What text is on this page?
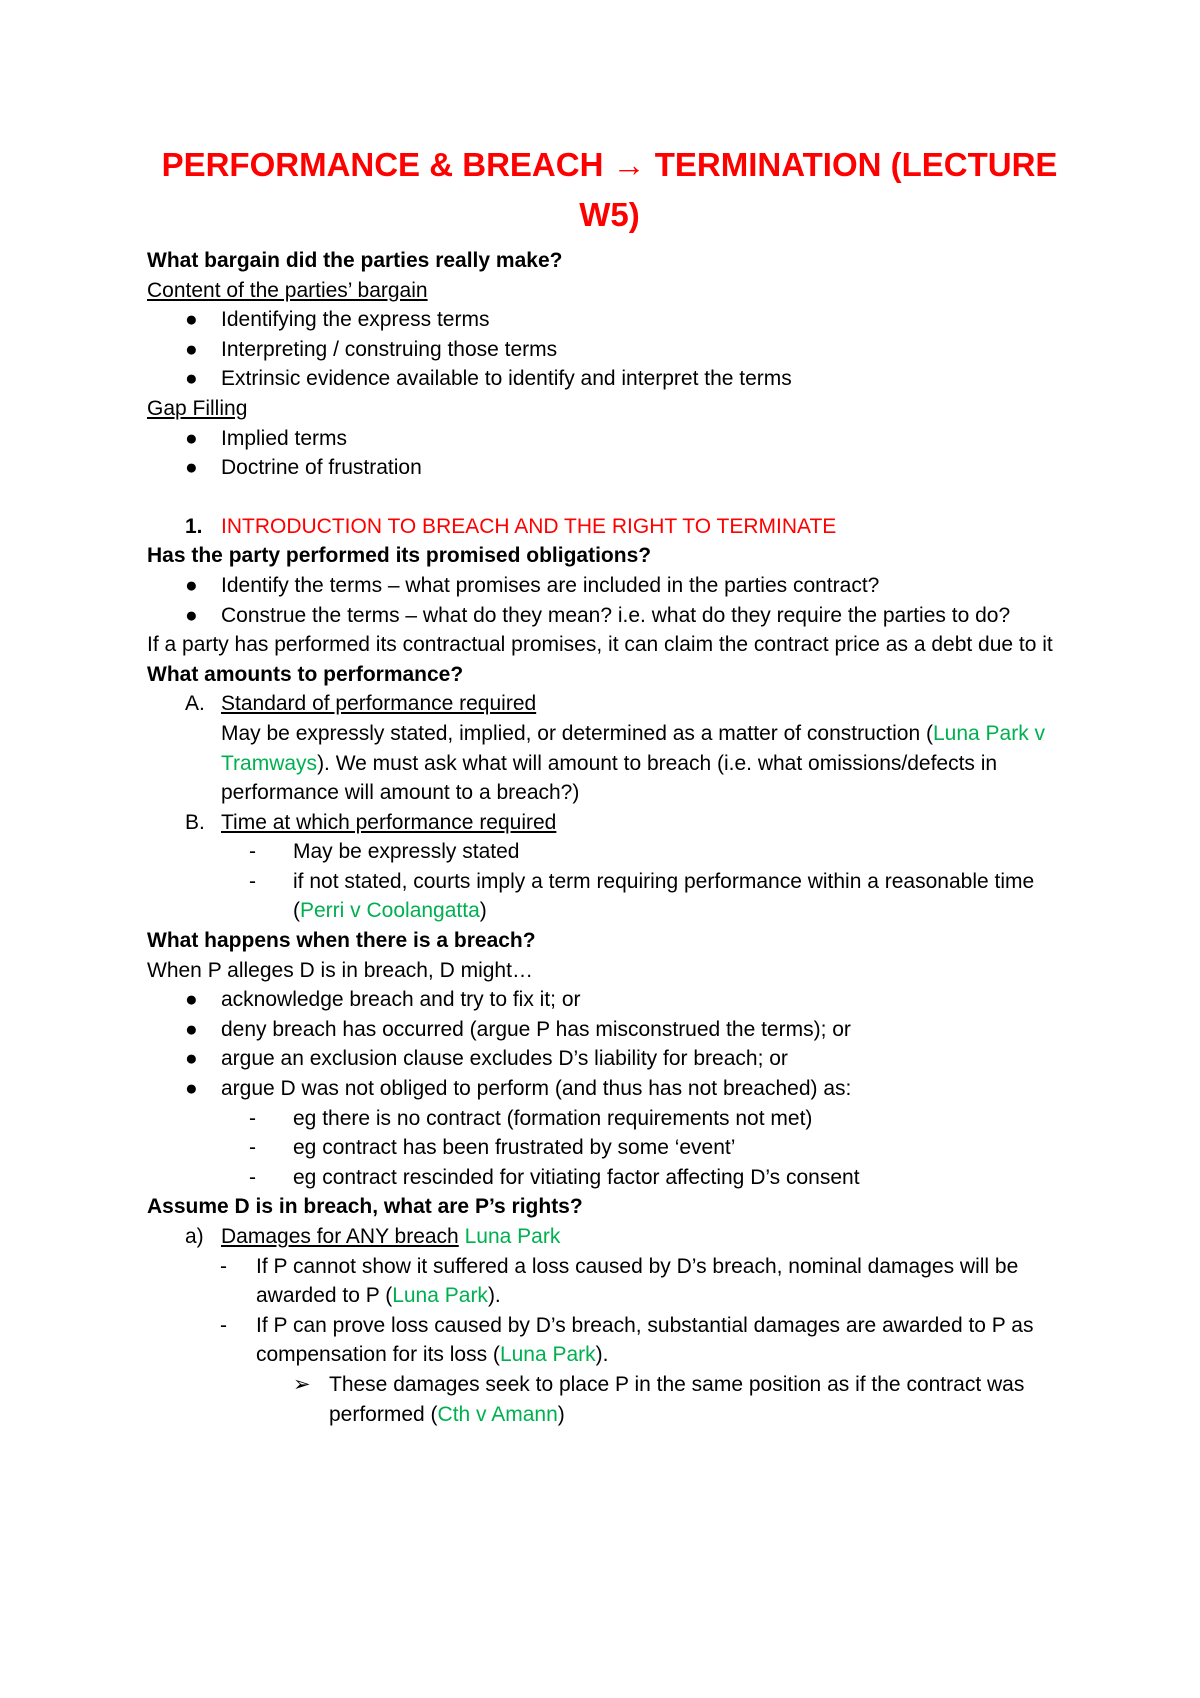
PERFORMANCE & BREACH → TERMINATION (LECTURE W5)

What bargain did the parties really make?

Content of the parties’ bargain

●	Identifying the express terms
●	Interpreting / construing those terms
●	Extrinsic evidence available to identify and interpret the terms

Gap Filling

●	Implied terms
●	Doctrine of frustration
1. INTRODUCTION TO BREACH AND THE RIGHT TO TERMINATE

Has the party performed its promised obligations?

●	Identify the terms – what promises are included in the parties contract?
●	Construe the terms – what do they mean? i.e. what do they require the parties to do?

If a party has performed its contractual promises, it can claim the contract price as a debt due to it

What amounts to performance?

A. Standard of performance required

May be expressly stated, implied, or determined as a matter of construction (Luna Park v Tramways). We must ask what will amount to breach (i.e. what omissions/defects in performance will amount to a breach?)

B. Time at which performance required
-	May be expressly stated
-	if not stated, courts imply a term requiring performance within a reasonable time (Perri v Coolangatta)

What happens when there is a breach?

When P alleges D is in breach, D might…

●	acknowledge breach and try to fix it; or
●	deny breach has occurred (argue P has misconstrued the terms); or
●	argue an exclusion clause excludes D’s liability for breach; or
●	argue D was not obliged to perform (and thus has not breached) as:
-	eg there is no contract (formation requirements not met)
-	eg contract has been frustrated by some ‘event’
-	eg contract rescinded for vitiating factor affecting D’s consent

Assume D is in breach, what are P’s rights?

a) Damages for ANY breach Luna Park
-	If P cannot show it suffered a loss caused by D’s breach, nominal damages will be awarded to P (Luna Park).
-	If P can prove loss caused by D’s breach, substantial damages are awarded to P as compensation for its loss (Luna Park).
➢ These damages seek to place P in the same position as if the contract was performed (Cth v Amann)
